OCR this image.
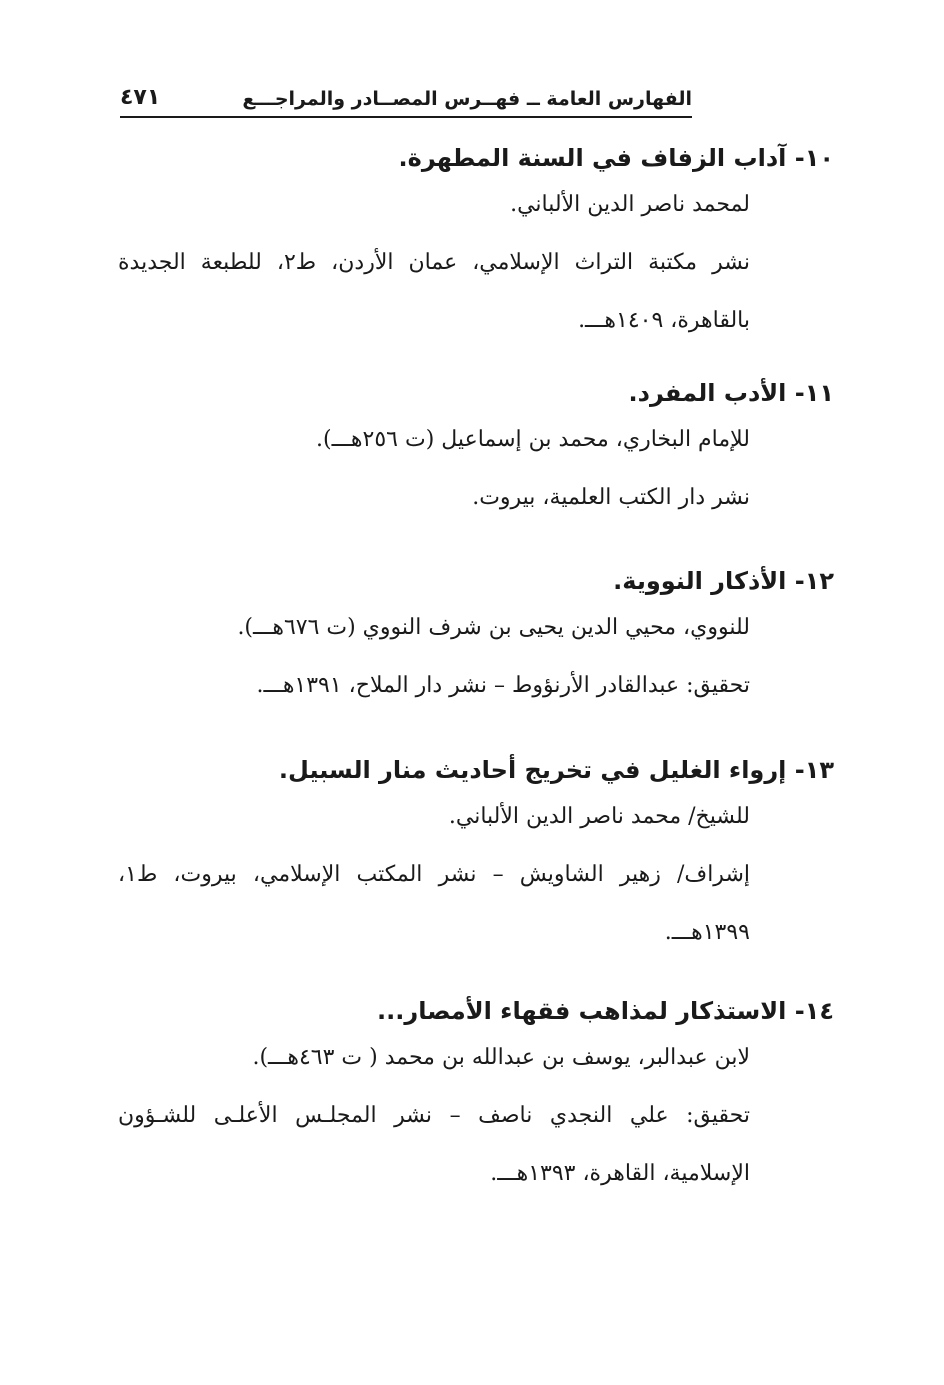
الفهارس العامة ــ فهــرس المصــادر والمراجـــع
٤٧١

١٠- آداب الزفاف في السنة المطهرة.

لمحمد ناصر الدين الألباني.

نشر مكتبة التراث الإسلامي، عمان الأردن، ط٢، للطبعة الجديدة بالقاهرة، ١٤٠٩هـــ.

١١- الأدب المفرد.

للإمام البخاري، محمد بن إسماعيل (ت ٢٥٦هـــ).

نشر دار الكتب العلمية، بيروت.

١٢- الأذكار النووية.

للنووي، محيي الدين يحيى بن شرف النووي (ت ٦٧٦هـــ).

تحقيق: عبدالقادر الأرنؤوط – نشر دار الملاح، ١٣٩١هـــ.

١٣- إرواء الغليل في تخريج أحاديث منار السبيل.

للشيخ/ محمد ناصر الدين الألباني.

إشراف/ زهير الشاويش – نشر المكتب الإسلامي، بيروت، ط١، ١٣٩٩هـــ.

١٤- الاستذكار لمذاهب فقهاء الأمصار...

لابن عبدالبر، يوسف بن عبدالله بن محمد ( ت ٤٦٣هـــ).

تحقيق: علي النجدي ناصف – نشر المجلـس الأعلـى للشـؤون الإسلامية، القاهرة، ١٣٩٣هـــ.
